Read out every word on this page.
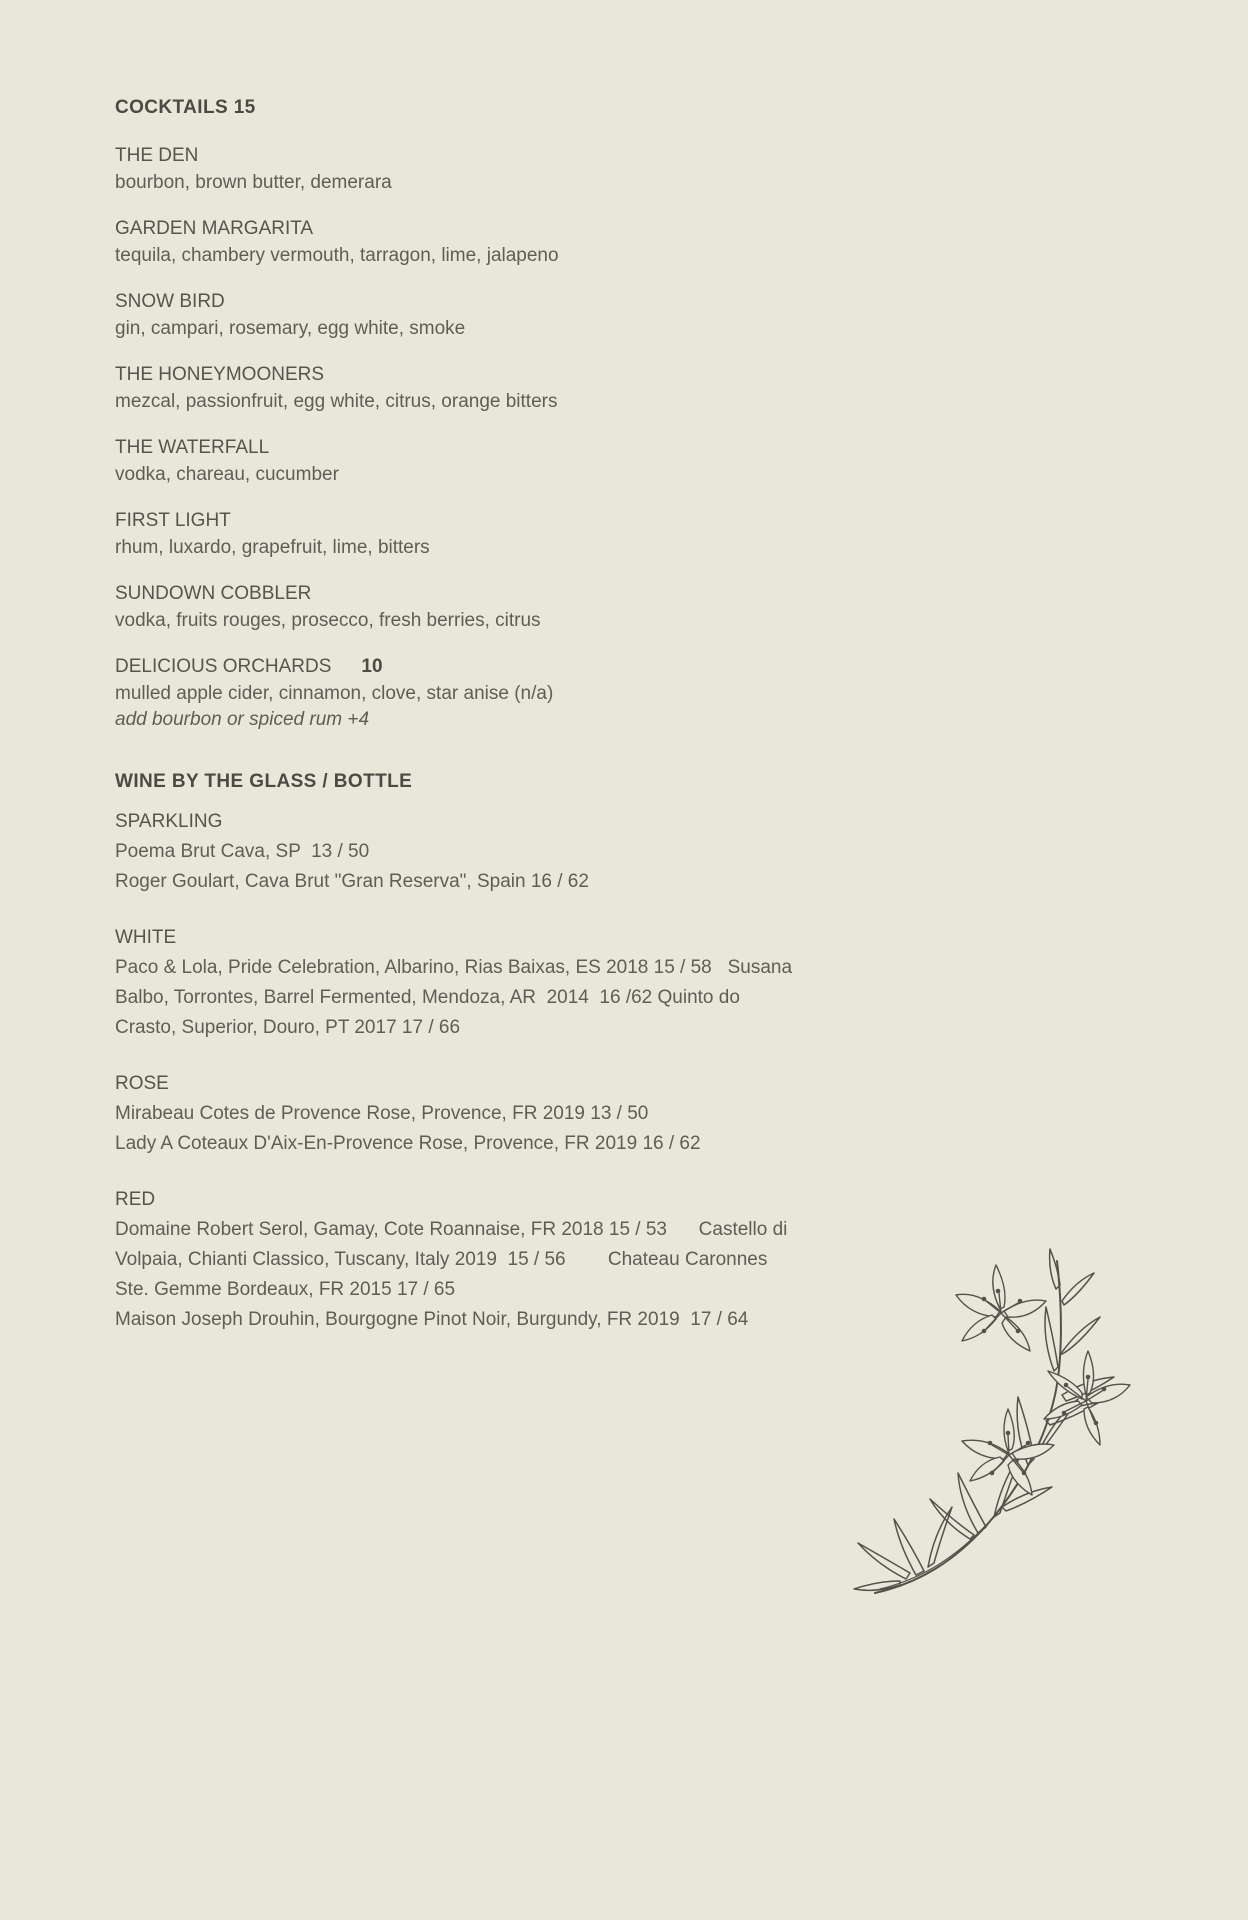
COCKTAILS 15
THE DEN
bourbon, brown butter, demerara
GARDEN MARGARITA
tequila, chambery vermouth, tarragon, lime, jalapeno
SNOW BIRD
gin, campari, rosemary, egg white, smoke
THE HONEYMOONERS
mezcal, passionfruit, egg white, citrus, orange bitters
THE WATERFALL
vodka, chareau, cucumber
FIRST LIGHT
rhum, luxardo, grapefruit, lime, bitters
SUNDOWN COBBLER
vodka, fruits rouges, prosecco, fresh berries, citrus
DELICIOUS ORCHARDS 10
mulled apple cider, cinnamon, clove, star anise (n/a)
add bourbon or spiced rum +4
WINE BY THE GLASS / BOTTLE
SPARKLING
Poema Brut Cava, SP  13 / 50
Roger Goulart, Cava Brut "Gran Reserva", Spain 16 / 62
WHITE
Paco & Lola, Pride Celebration, Albarino, Rias Baixas, ES 2018 15 / 58   Susana
Balbo, Torrontes, Barrel Fermented, Mendoza, AR  2014  16 /62 Quinto do
Crasto, Superior, Douro, PT 2017 17 / 66
ROSE
Mirabeau Cotes de Provence Rose, Provence, FR 2019 13 / 50
Lady A Coteaux D'Aix-En-Provence Rose, Provence, FR 2019 16 / 62
RED
Domaine Robert Serol, Gamay, Cote Roannaise, FR 2018 15 / 53      Castello di
Volpaia, Chianti Classico, Tuscany, Italy 2019  15 / 56        Chateau Caronnes
Ste. Gemme Bordeaux, FR 2015 17 / 65
Maison Joseph Drouhin, Bourgogne Pinot Noir, Burgundy, FR 2019  17 / 64
